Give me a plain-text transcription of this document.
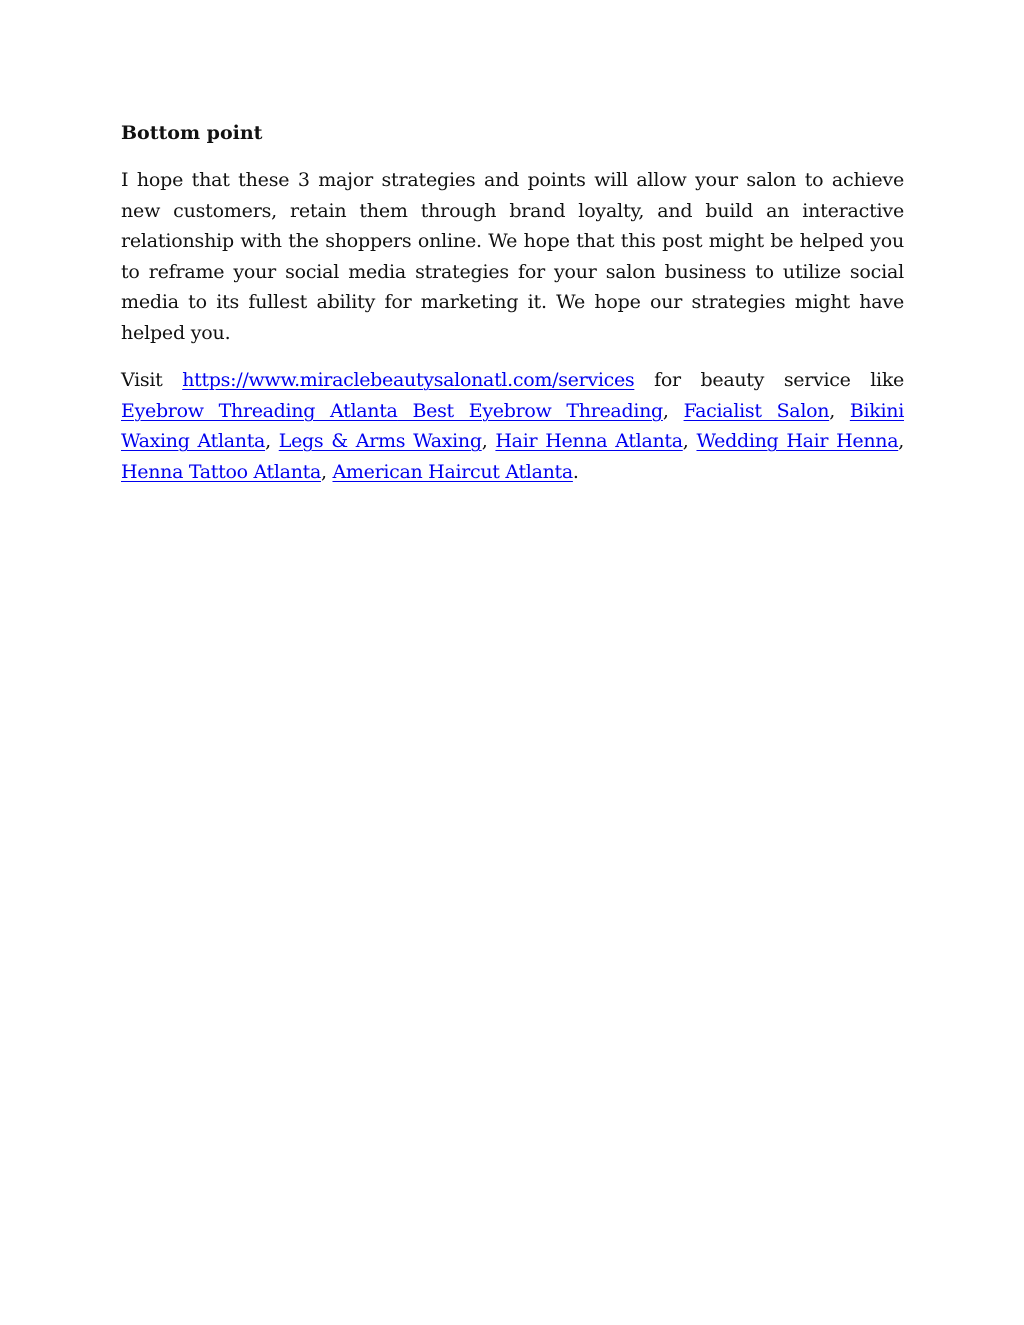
Bottom point

I hope that these 3 major strategies and points will allow your salon to achieve new customers, retain them through brand loyalty, and build an interactive relationship with the shoppers online. We hope that this post might be helped you to reframe your social media strategies for your salon business to utilize social media to its fullest ability for marketing it. We hope our strategies might have helped you.

Visit https://www.miraclebeautysalonatl.com/services for beauty service like Eyebrow Threading Atlanta Best Eyebrow Threading, Facialist Salon, Bikini Waxing Atlanta, Legs & Arms Waxing, Hair Henna Atlanta, Wedding Hair Henna, Henna Tattoo Atlanta, American Haircut Atlanta.
